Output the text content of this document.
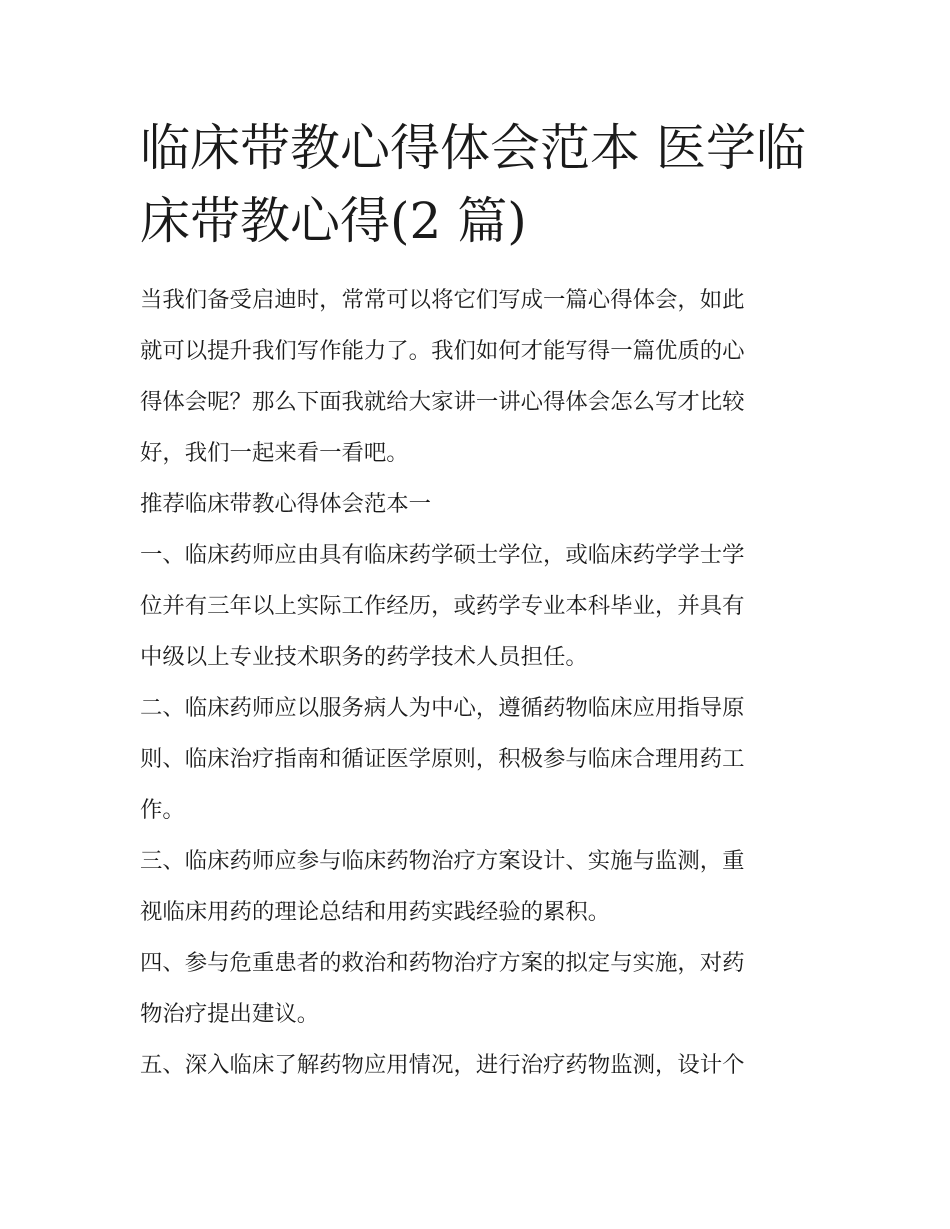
临床带教心得体会范本 医学临
床带教心得(2 篇)
当我们备受启迪时，常常可以将它们写成一篇心得体会，如此
就可以提升我们写作能力了。我们如何才能写得一篇优质的心
得体会呢？那么下面我就给大家讲一讲心得体会怎么写才比较
好，我们一起来看一看吧。
推荐临床带教心得体会范本一
一、临床药师应由具有临床药学硕士学位，或临床药学学士学
位并有三年以上实际工作经历，或药学专业本科毕业，并具有
中级以上专业技术职务的药学技术人员担任。
二、临床药师应以服务病人为中心，遵循药物临床应用指导原
则、临床治疗指南和循证医学原则，积极参与临床合理用药工
作。
三、临床药师应参与临床药物治疗方案设计、实施与监测，重
视临床用药的理论总结和用药实践经验的累积。
四、参与危重患者的救治和药物治疗方案的拟定与实施，对药
物治疗提出建议。
五、深入临床了解药物应用情况，进行治疗药物监测，设计个
